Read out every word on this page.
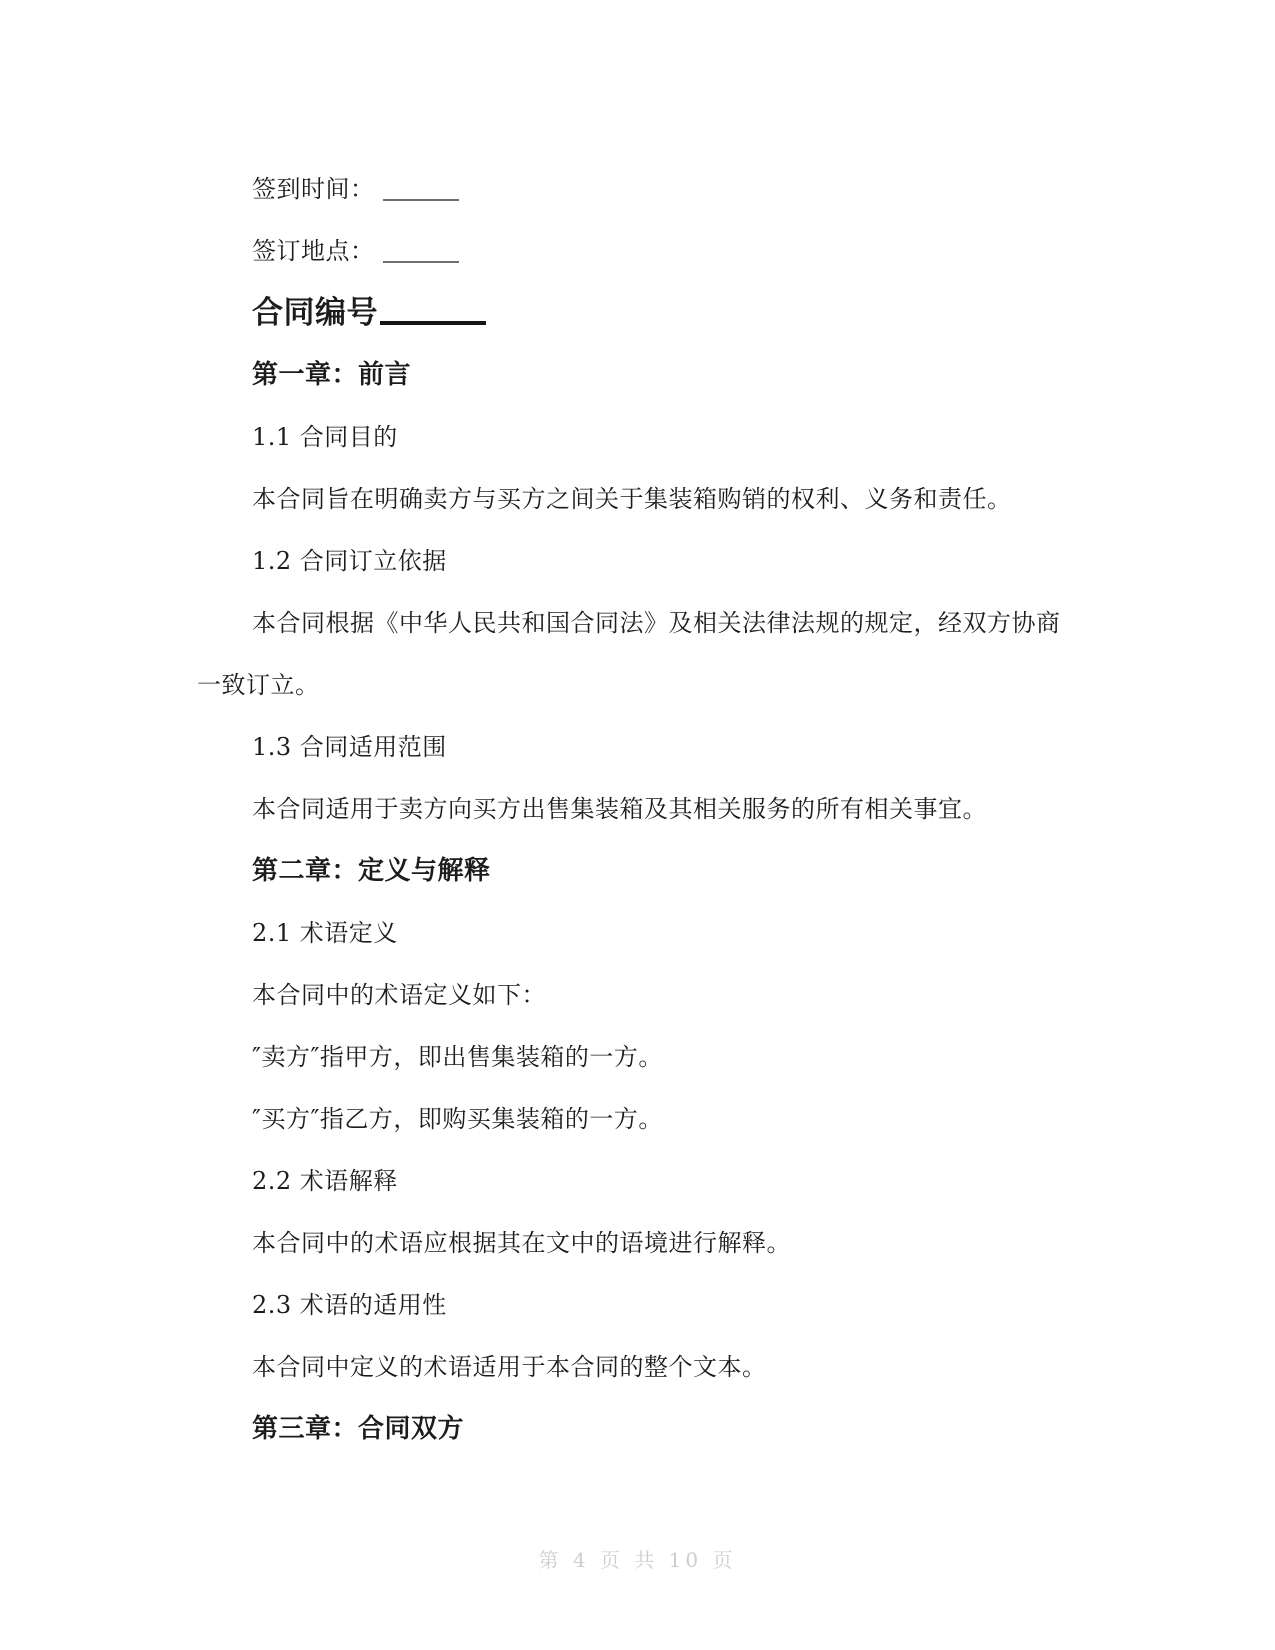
签到时间：

签订地点：

合同编号

第一章：前言

1.1 合同目的

本合同旨在明确卖方与买方之间关于集装箱购销的权利、义务和责任。

1.2 合同订立依据

本合同根据《中华人民共和国合同法》及相关法律法规的规定，经双方协商

一致订立。

1.3 合同适用范围

本合同适用于卖方向买方出售集装箱及其相关服务的所有相关事宜。

第二章：定义与解释

2.1 术语定义

本合同中的术语定义如下：

″卖方″指甲方，即出售集装箱的一方。

″买方″指乙方，即购买集装箱的一方。

2.2 术语解释

本合同中的术语应根据其在文中的语境进行解释。

2.3 术语的适用性

本合同中定义的术语适用于本合同的整个文本。

第三章：合同双方

第 4 页 共 10 页
